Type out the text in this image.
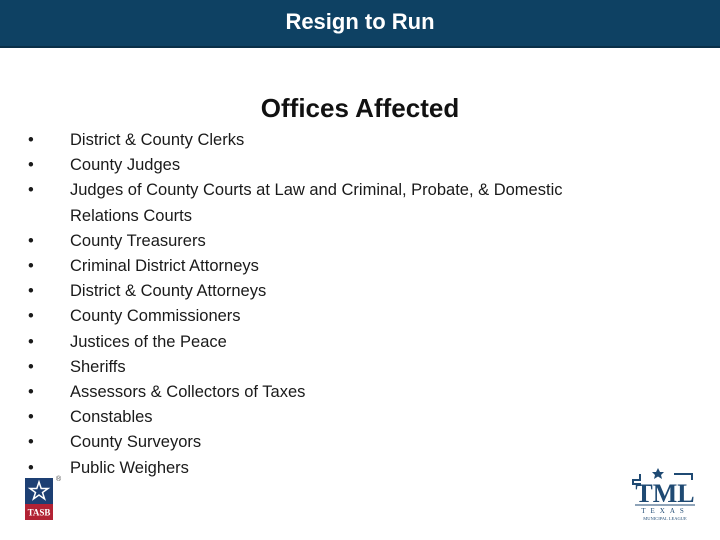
Resign to Run
Offices Affected
•	District & County Clerks
•	County Judges
•	Judges of County Courts at Law and Criminal, Probate, & Domestic Relations Courts
•	County Treasurers
•	Criminal District Attorneys
•	District & County Attorneys
•	County Commissioners
•	Justices of the Peace
•	Sheriffs
•	Assessors & Collectors of Taxes
•	Constables
•	County Surveyors
•	Public Weighers
TASB
®	TML
TEXAS
MUNICIPAL LEAGUE
